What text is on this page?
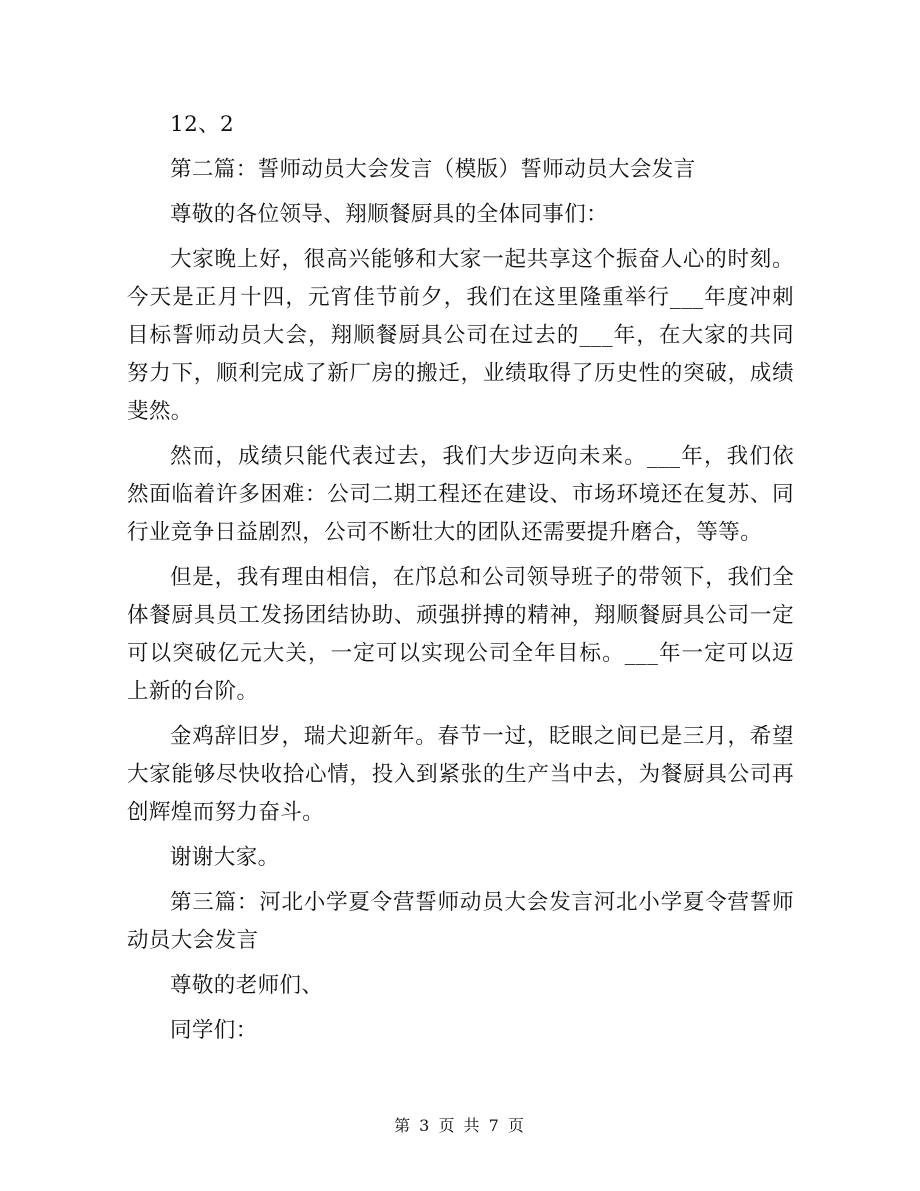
12、2

第二篇：誓师动员大会发言（模版）誓师动员大会发言

尊敬的各位领导、翔顺餐厨具的全体同事们：

大家晚上好，很高兴能够和大家一起共享这个振奋人心的时刻。今天是正月十四，元宵佳节前夕，我们在这里隆重举行___年度冲刺目标誓师动员大会，翔顺餐厨具公司在过去的___年，在大家的共同努力下，顺利完成了新厂房的搬迁，业绩取得了历史性的突破，成绩斐然。

然而，成绩只能代表过去，我们大步迈向未来。___年，我们依然面临着许多困难：公司二期工程还在建设、市场环境还在复苏、同行业竞争日益剧烈，公司不断壮大的团队还需要提升磨合，等等。

但是，我有理由相信，在邝总和公司领导班子的带领下，我们全体餐厨具员工发扬团结协助、顽强拼搏的精神，翔顺餐厨具公司一定可以突破亿元大关，一定可以实现公司全年目标。___年一定可以迈上新的台阶。

金鸡辞旧岁，瑞犬迎新年。春节一过，眨眼之间已是三月，希望大家能够尽快收拾心情，投入到紧张的生产当中去，为餐厨具公司再创辉煌而努力奋斗。

谢谢大家。

第三篇：河北小学夏令营誓师动员大会发言河北小学夏令营誓师动员大会发言

尊敬的老师们、

同学们：

第 3 页 共 7 页
